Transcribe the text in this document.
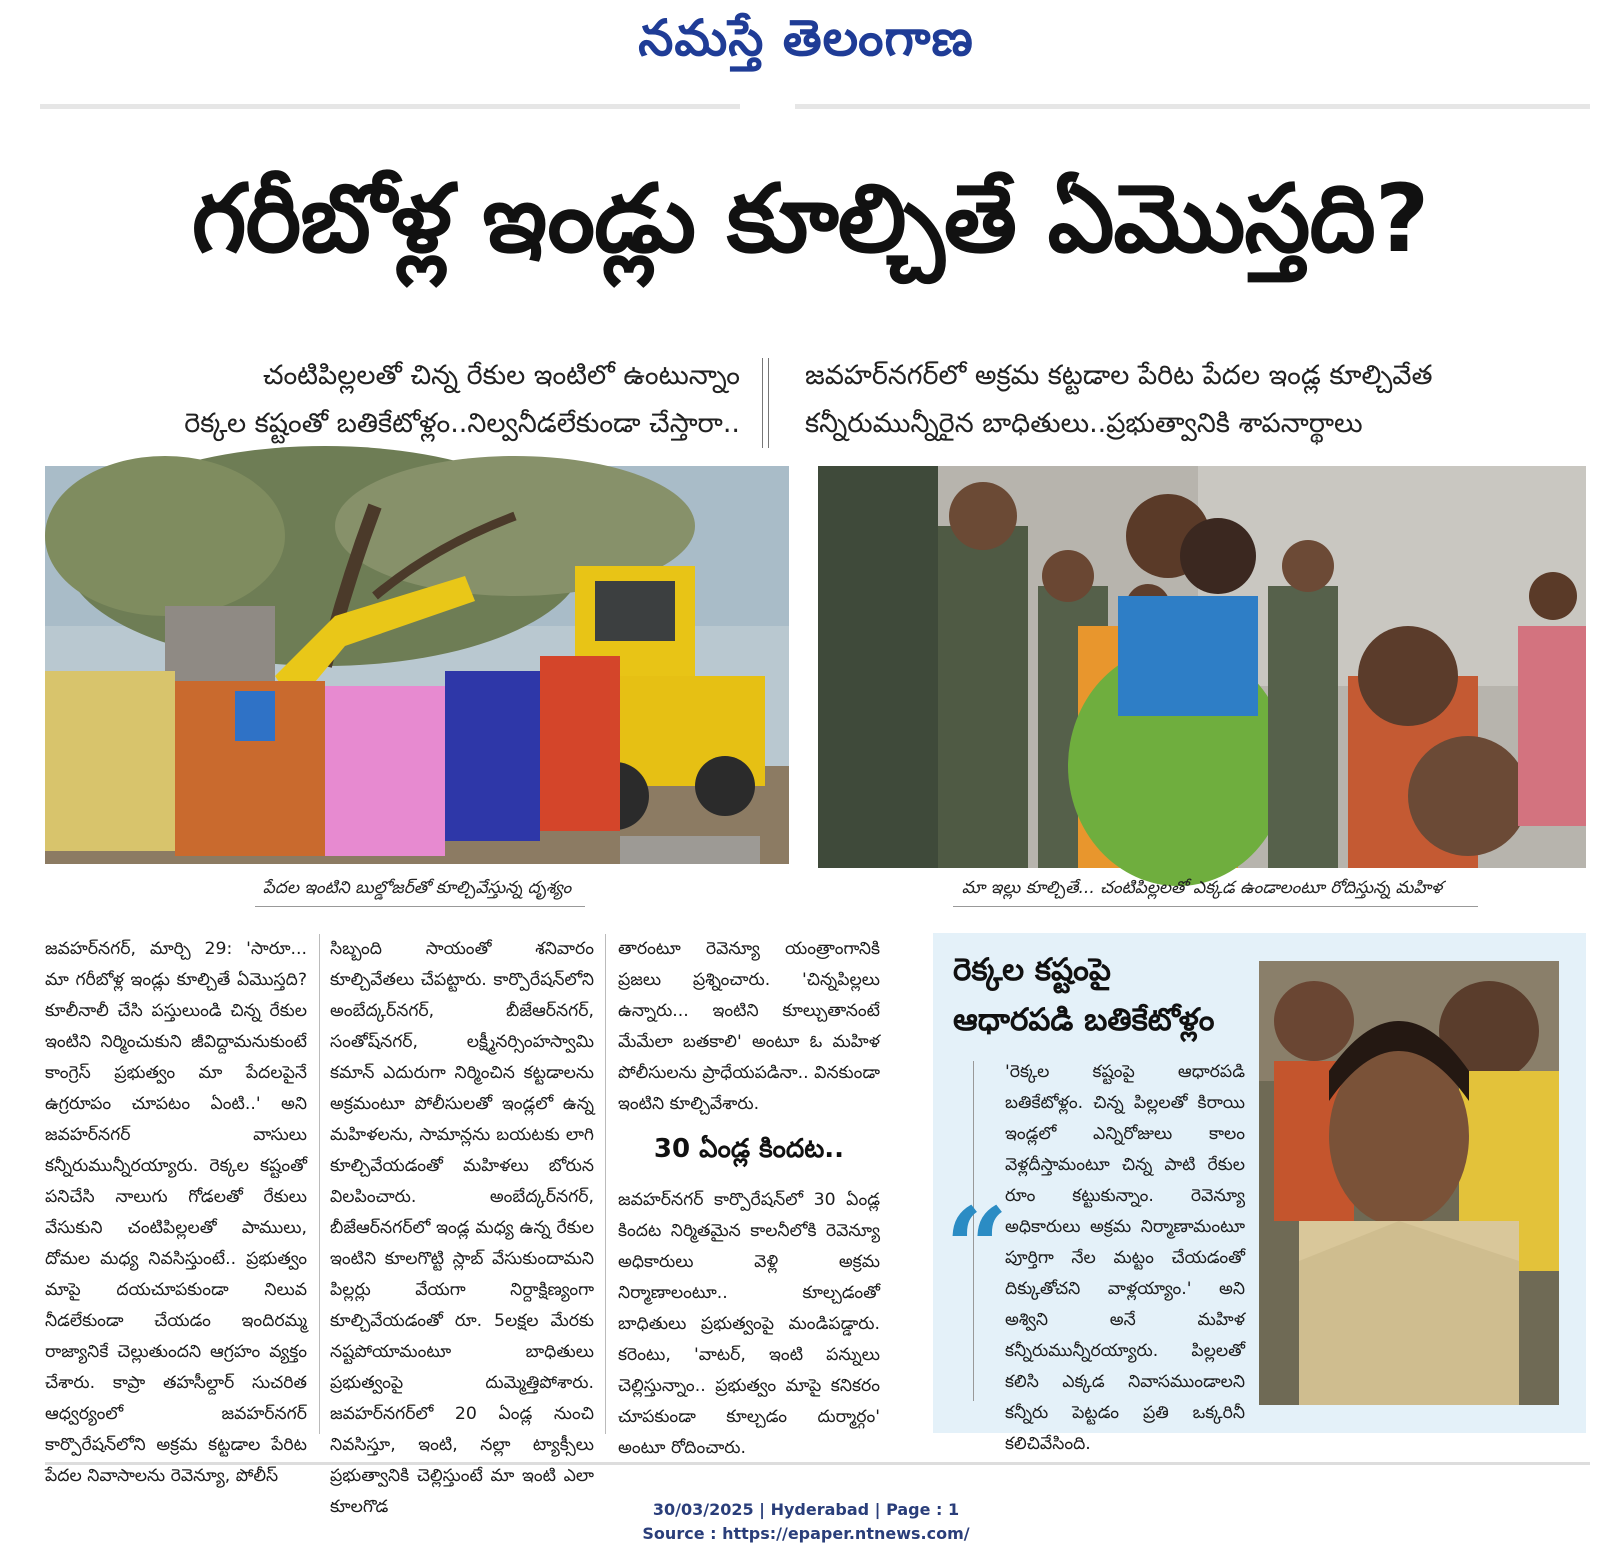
నమస్తే తెలంగాణ
గరీబోళ్ల ఇండ్లు కూల్చితే ఏమొస్తది?
చంటిపిల్లలతో చిన్న రేకుల ఇంటిలో ఉంటున్నాం
రెక్కల కష్టంతో బతికేటోళ్లం..నిల్వనీడలేకుండా చేస్తారా..
జవహర్‌నగర్‌లో అక్రమ కట్టడాల పేరిట పేదల ఇండ్ల కూల్చివేత
కన్నీరుమున్నీరైన బాధితులు..ప్రభుత్వానికి శాపనార్థాలు
పేదల ఇంటిని బుల్డోజర్‌తో కూల్చివేస్తున్న దృశ్యం	మా ఇల్లు కూల్చితే... చంటిపిల్లలతో ఎక్కడ ఉండాలంటూ రోదిస్తున్న మహిళ
జవహర్‌నగర్, మార్చి 29: 'సారూ... మా గరీబోళ్ల ఇండ్లు కూల్చితే ఏమొస్తది? కూలీనాలీ చేసి పస్తులుండి చిన్న రేకుల ఇంటిని నిర్మించుకుని జీవిద్దామనుకుంటే కాంగ్రెస్ ప్రభుత్వం మా పేదలపైనే ఉగ్రరూపం చూపటం ఏంటి..' అని జవహర్‌నగర్ వాసులు కన్నీరుమున్నీరయ్యారు. రెక్కల కష్టంతో పనిచేసి నాలుగు గోడలతో రేకులు వేసుకుని చంటిపిల్లలతో పాములు, దోమల మధ్య నివసిస్తుంటే.. ప్రభుత్వం మాపై దయచూపకుండా నిలువ నీడలేకుండా చేయడం ఇందిరమ్మ రాజ్యానికే చెల్లుతుందని ఆగ్రహం వ్యక్తం చేశారు. కాప్రా తహసీల్దార్ సుచరిత ఆధ్వర్యంలో జవహర్‌నగర్ కార్పొరేషన్‌లోని అక్రమ కట్టడాల పేరిట పేదల నివాసాలను రెవెన్యూ, పోలీస్
సిబ్బంది సాయంతో శనివారం కూల్చివేతలు చేపట్టారు. కార్పొరేషన్‌లోని అంబేద్కర్‌నగర్, బీజేఆర్‌నగర్, సంతోష్‌నగర్, లక్ష్మీనర్సింహస్వామి కమాన్ ఎదురుగా నిర్మించిన కట్టడాలను అక్రమంటూ పోలీసులతో ఇండ్లలో ఉన్న మహిళలను, సామాన్లను బయటకు లాగి కూల్చివేయడంతో మహిళలు బోరున విలపించారు. అంబేద్కర్‌నగర్, బీజేఆర్‌నగర్‌లో ఇండ్ల మధ్య ఉన్న రేకుల ఇంటిని కూలగొట్టి స్లాబ్ వేసుకుందామని పిల్లర్లు వేయగా నిర్దాక్షిణ్యంగా కూల్చివేయడంతో రూ. 5లక్షల మేరకు నష్టపోయామంటూ బాధితులు ప్రభుత్వంపై దుమ్మెత్తిపోశారు. జవహర్‌నగర్‌లో 20 ఏండ్ల నుంచి నివసిస్తూ, ఇంటి, నల్లా ట్యాక్సీలు ప్రభుత్వానికి చెల్లిస్తుంటే మా ఇంటి ఎలా కూలగొడ
తారంటూ రెవెన్యూ యంత్రాంగానికి ప్రజలు ప్రశ్నించారు. 'చిన్నపిల్లలు ఉన్నారు... ఇంటిని కూల్చుతానంటే మేమేలా బతకాలి' అంటూ ఓ మహిళ పోలీసులను ప్రాధేయపడినా.. వినకుండా ఇంటిని కూల్చివేశారు.
30 ఏండ్ల కిందట..
జవహర్‌నగర్ కార్పొరేషన్‌లో 30 ఏండ్ల కిందట నిర్మితమైన కాలనీలోకి రెవెన్యూ అధికారులు వెళ్లి అక్రమ నిర్మాణాలంటూ.. కూల్చడంతో బాధితులు ప్రభుత్వంపై మండిపడ్డారు. కరెంటు, 'వాటర్, ఇంటి పన్నులు చెల్లిస్తున్నాం.. ప్రభుత్వం మాపై కనికరం చూపకుండా కూల్చడం దుర్మార్గం' అంటూ రోదించారు.
రెక్కల కష్టంపై
ఆధారపడి బతికేటోళ్లం
“
'రెక్కల కష్టంపై ఆధారపడి బతికేటోళ్లం. చిన్న పిల్లలతో కిరాయి ఇండ్లలో ఎన్నిరోజులు కాలం వెళ్లదీస్తామంటూ చిన్న పాటి రేకుల రూం కట్టుకున్నాం. రెవెన్యూ అధికారులు అక్రమ నిర్మాణామంటూ పూర్తిగా నేల మట్టం చేయడంతో దిక్కుతోచని వాళ్లయ్యాం.' అని అశ్విని అనే మహిళ కన్నీరుమున్నీరయ్యారు. పిల్లలతో కలిసి ఎక్కడ నివాసముండాలని కన్నీరు పెట్టడం ప్రతి ఒక్కరినీ కలిచివేసింది.
30/03/2025 | Hyderabad | Page : 1
Source : https://epaper.ntnews.com/
